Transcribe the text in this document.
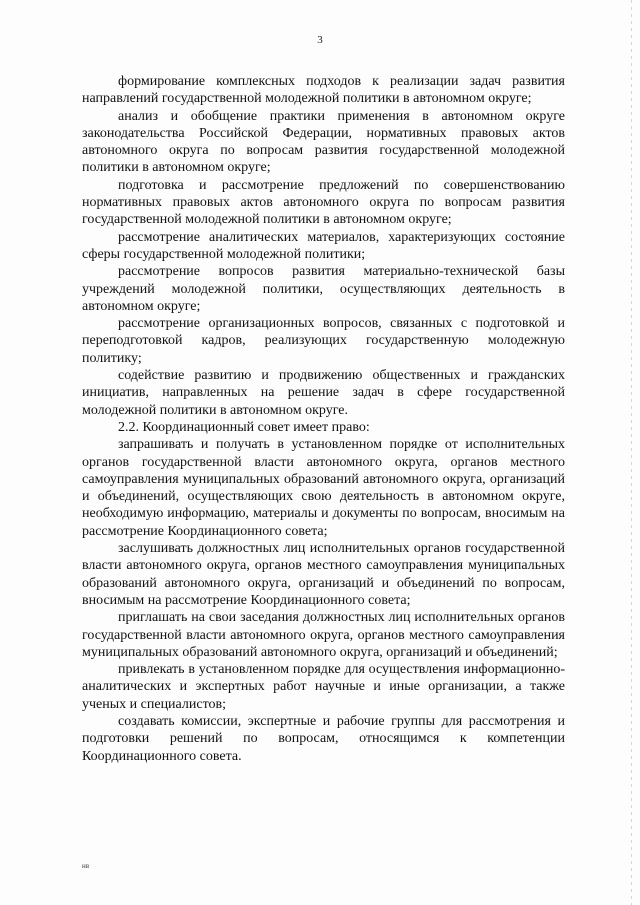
3

формирование комплексных подходов к реализации задач развития направлений государственной молодежной политики в автономном округе;

анализ и обобщение практики применения в автономном округе законодательства Российской Федерации, нормативных правовых актов автономного округа по вопросам развития государственной молодежной политики в автономном округе;

подготовка и рассмотрение предложений по совершенствованию нормативных правовых актов автономного округа по вопросам развития государственной молодежной политики в автономном округе;

рассмотрение аналитических материалов, характеризующих состояние сферы государственной молодежной политики;

рассмотрение вопросов развития материально-технической базы учреждений молодежной политики, осуществляющих деятельность в автономном округе;

рассмотрение организационных вопросов, связанных с подготовкой и переподготовкой кадров, реализующих государственную молодежную политику;

содействие развитию и продвижению общественных и гражданских инициатив, направленных на решение задач в сфере государственной молодежной политики в автономном округе.

2.2. Координационный совет имеет право:

запрашивать и получать в установленном порядке от исполнительных органов государственной власти автономного округа, органов местного самоуправления муниципальных образований автономного округа, организаций и объединений, осуществляющих свою деятельность в автономном округе, необходимую информацию, материалы и документы по вопросам, вносимым на рассмотрение Координационного совета;

заслушивать должностных лиц исполнительных органов государственной власти автономного округа, органов местного самоуправления муниципальных образований автономного округа, организаций и объединений по вопросам, вносимым на рассмотрение Координационного совета;

приглашать на свои заседания должностных лиц исполнительных органов государственной власти автономного округа, органов местного самоуправления муниципальных образований автономного округа, организаций и объединений;

привлекать в установленном порядке для осуществления информационно-аналитических и экспертных работ научные и иные организации, а также ученых и специалистов;

создавать комиссии, экспертные и рабочие группы для рассмотрения и подготовки решений по вопросам, относящимся к компетенции Координационного совета.

нв
